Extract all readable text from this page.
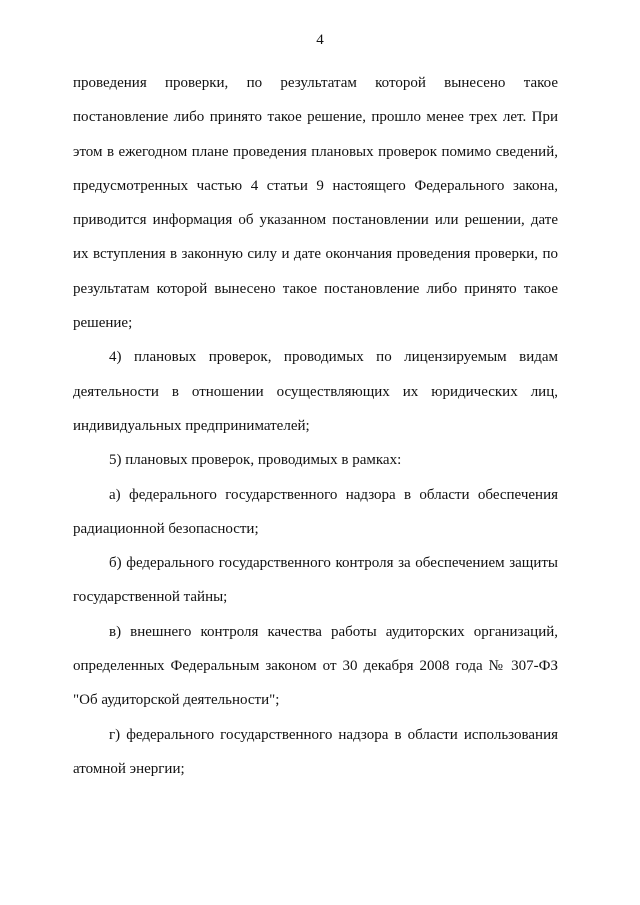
4

проведения проверки, по результатам которой вынесено такое постановление либо принято такое решение, прошло менее трех лет. При этом в ежегодном плане проведения плановых проверок помимо сведений, предусмотренных частью 4 статьи 9 настоящего Федерального закона, приводится информация об указанном постановлении или решении, дате их вступления в законную силу и дате окончания проведения проверки, по результатам которой вынесено такое постановление либо принято такое решение;

4) плановых проверок, проводимых по лицензируемым видам деятельности в отношении осуществляющих их юридических лиц, индивидуальных предпринимателей;

5) плановых проверок, проводимых в рамках:

а) федерального государственного надзора в области обеспечения радиационной безопасности;

б) федерального государственного контроля за обеспечением защиты государственной тайны;

в) внешнего контроля качества работы аудиторских организаций, определенных Федеральным законом от 30 декабря 2008 года № 307-ФЗ "Об аудиторской деятельности";

г) федерального государственного надзора в области использования атомной энергии;
